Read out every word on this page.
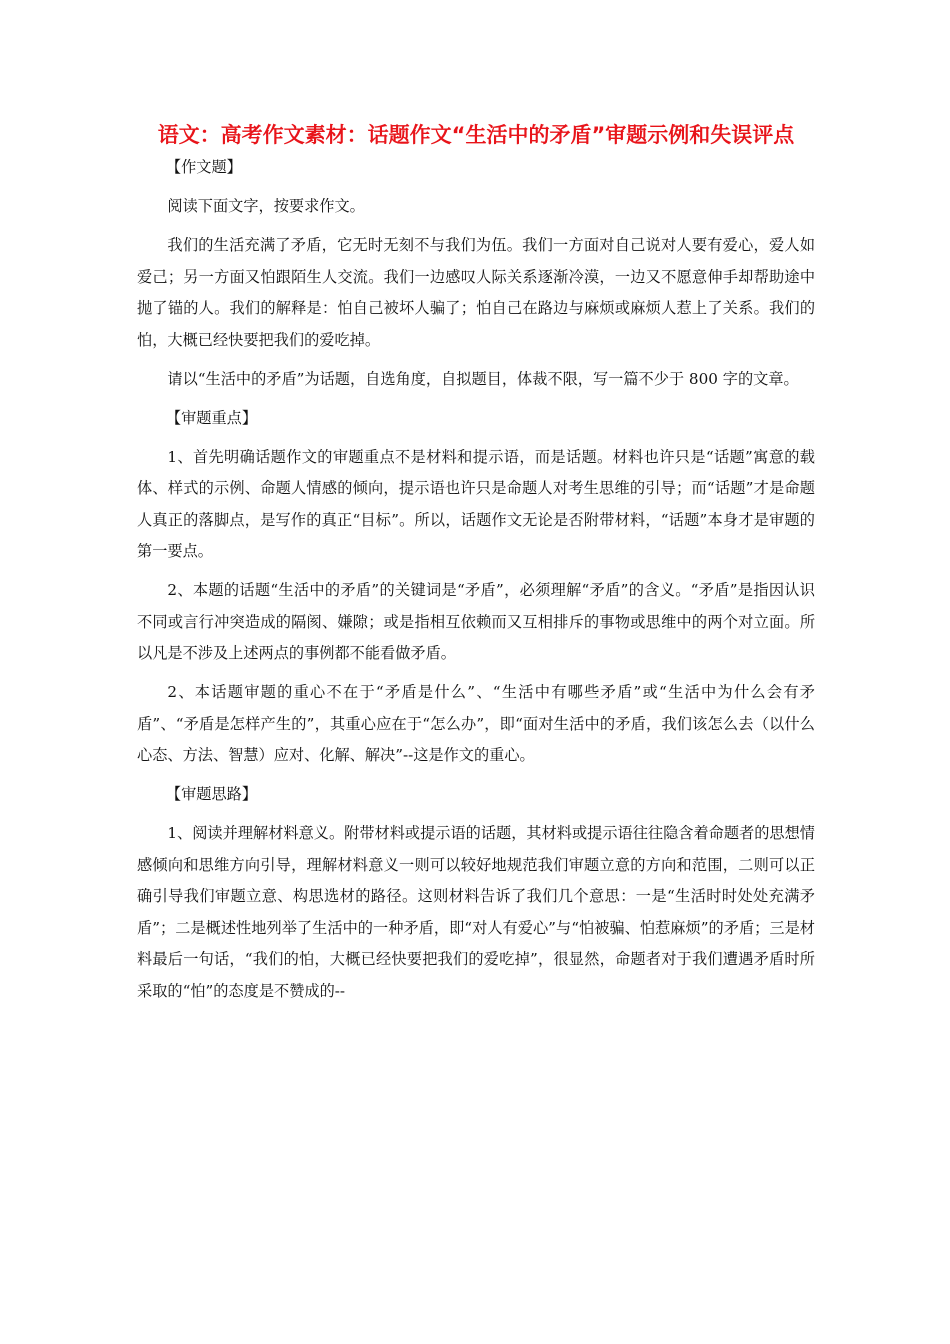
语文：高考作文素材：话题作文“生活中的矛盾”审题示例和失误评点

【作文题】

阅读下面文字，按要求作文。

我们的生活充满了矛盾，它无时无刻不与我们为伍。我们一方面对自己说对人要有爱心，爱人如爱己；另一方面又怕跟陌生人交流。我们一边感叹人际关系逐渐冷漠，一边又不愿意伸手却帮助途中抛了锚的人。我们的解释是：怕自己被坏人骗了；怕自己在路边与麻烦或麻烦人惹上了关系。我们的怕，大概已经快要把我们的爱吃掉。

请以“生活中的矛盾”为话题，自选角度，自拟题目，体裁不限，写一篇不少于 800 字的文章。

【审题重点】

1、首先明确话题作文的审题重点不是材料和提示语，而是话题。材料也许只是“话题”寓意的载体、样式的示例、命题人情感的倾向，提示语也许只是命题人对考生思维的引导；而“话题”才是命题人真正的落脚点，是写作的真正“目标”。所以，话题作文无论是否附带材料，“话题”本身才是审题的第一要点。

2、本题的话题“生活中的矛盾”的关键词是“矛盾”，必须理解“矛盾”的含义。“矛盾”是指因认识不同或言行冲突造成的隔阂、嫌隙；或是指相互依赖而又互相排斥的事物或思维中的两个对立面。所以凡是不涉及上述两点的事例都不能看做矛盾。

2、本话题审题的重心不在于“矛盾是什么”、“生活中有哪些矛盾”或“生活中为什么会有矛盾”、“矛盾是怎样产生的”，其重心应在于“怎么办”，即“面对生活中的矛盾，我们该怎么去（以什么心态、方法、智慧）应对、化解、解决”--这是作文的重心。

【审题思路】

1、阅读并理解材料意义。附带材料或提示语的话题，其材料或提示语往往隐含着命题者的思想情感倾向和思维方向引导，理解材料意义一则可以较好地规范我们审题立意的方向和范围，二则可以正确引导我们审题立意、构思选材的路径。这则材料告诉了我们几个意思：一是“生活时时处处充满矛盾”；二是概述性地列举了生活中的一种矛盾，即“对人有爱心”与“怕被骗、怕惹麻烦”的矛盾；三是材料最后一句话，“我们的怕，大概已经快要把我们的爱吃掉”，很显然，命题者对于我们遭遇矛盾时所采取的“怕”的态度是不赞成的--
